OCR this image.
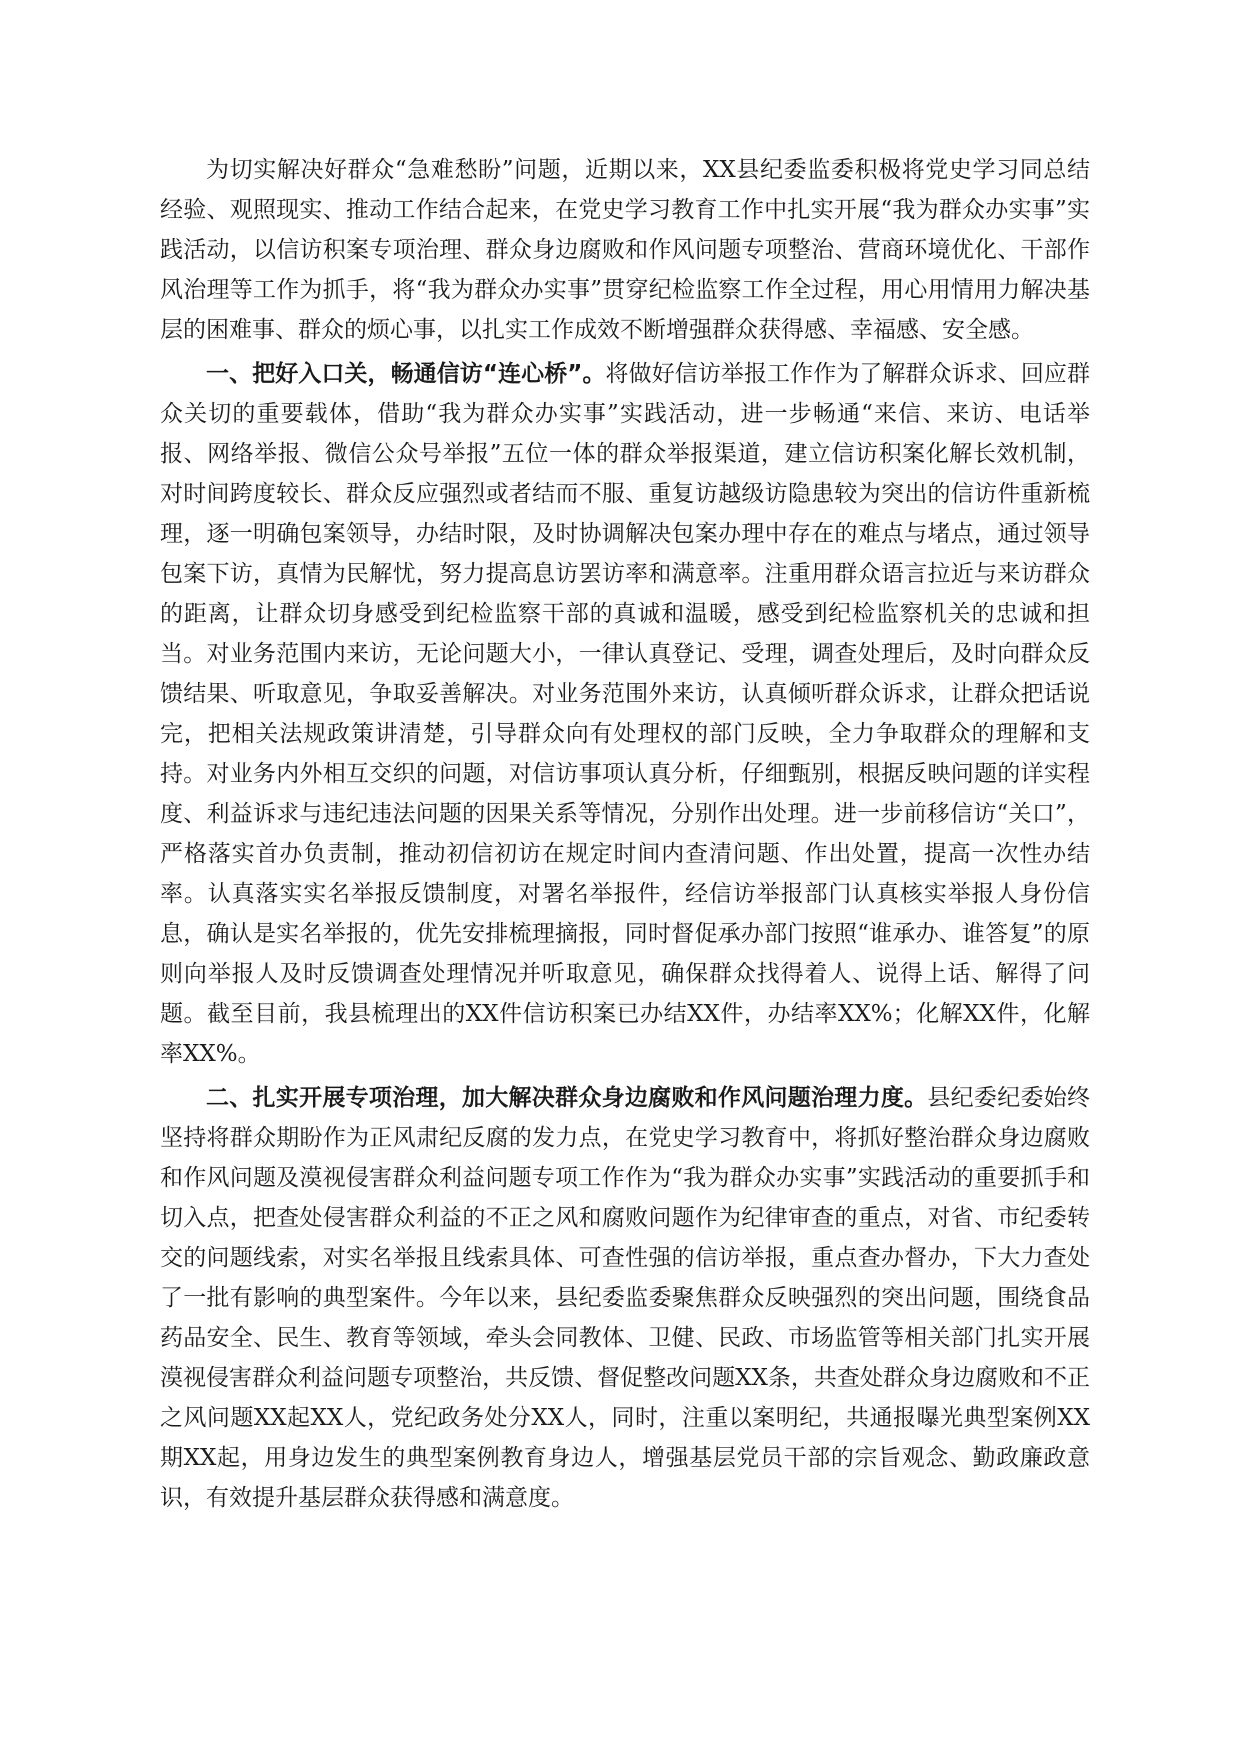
为切实解决好群众“急难愁盼”问题，近期以来，XX县纪委监委积极将党史学习同总结经验、观照现实、推动工作结合起来，在党史学习教育工作中扎实开展“我为群众办实事”实践活动，以信访积案专项治理、群众身边腐败和作风问题专项整治、营商环境优化、干部作风治理等工作为抓手，将“我为群众办实事”贯穿纪检监察工作全过程，用心用情用力解决基层的困难事、群众的烦心事，以扎实工作成效不断增强群众获得感、幸福感、安全感。

一、把好入口关，畅通信访“连心桥”。将做好信访举报工作作为了解群众诉求、回应群众关切的重要载体，借助“我为群众办实事”实践活动，进一步畅通“来信、来访、电话举报、网络举报、微信公众号举报”五位一体的群众举报渠道，建立信访积案化解长效机制，对时间跨度较长、群众反应强烈或者结而不服、重复访越级访隐患较为突出的信访件重新梳理，逐一明确包案领导，办结时限，及时协调解决包案办理中存在的难点与堵点，通过领导包案下访，真情为民解忧，努力提高息访罢访率和满意率。注重用群众语言拉近与来访群众的距离，让群众切身感受到纪检监察干部的真诚和温暖，感受到纪检监察机关的忠诚和担当。对业务范围内来访，无论问题大小，一律认真登记、受理，调查处理后，及时向群众反馈结果、听取意见，争取妥善解决。对业务范围外来访，认真倾听群众诉求，让群众把话说完，把相关法规政策讲清楚，引导群众向有处理权的部门反映，全力争取群众的理解和支持。对业务内外相互交织的问题，对信访事项认真分析，仔细甄别，根据反映问题的详实程度、利益诉求与违纪违法问题的因果关系等情况，分别作出处理。进一步前移信访“关口”，严格落实首办负责制，推动初信初访在规定时间内查清问题、作出处置，提高一次性办结率。认真落实实名举报反馈制度，对署名举报件，经信访举报部门认真核实举报人身份信息，确认是实名举报的，优先安排梳理摘报，同时督促承办部门按照“谁承办、谁答复”的原则向举报人及时反馈调查处理情况并听取意见，确保群众找得着人、说得上话、解得了问题。截至目前，我县梳理出的XX件信访积案已办结XX件，办结率XX%；化解XX件，化解率XX%。

二、扎实开展专项治理，加大解决群众身边腐败和作风问题治理力度。县纪委纪委始终坚持将群众期盼作为正风肃纪反腐的发力点，在党史学习教育中，将抓好整治群众身边腐败和作风问题及漠视侵害群众利益问题专项工作作为“我为群众办实事”实践活动的重要抓手和切入点，把查处侵害群众利益的不正之风和腐败问题作为纪律审查的重点，对省、市纪委转交的问题线索，对实名举报且线索具体、可查性强的信访举报，重点查办督办，下大力查处了一批有影响的典型案件。今年以来，县纪委监委聚焦群众反映强烈的突出问题，围绕食品药品安全、民生、教育等领域，牵头会同教体、卫健、民政、市场监管等相关部门扎实开展漠视侵害群众利益问题专项整治，共反馈、督促整改问题XX条，共查处群众身边腐败和不正之风问题XX起XX人，党纪政务处分XX人，同时，注重以案明纪，共通报曝光典型案例XX期XX起，用身边发生的典型案例教育身边人，增强基层党员干部的宗旨观念、勤政廉政意识，有效提升基层群众获得感和满意度。
